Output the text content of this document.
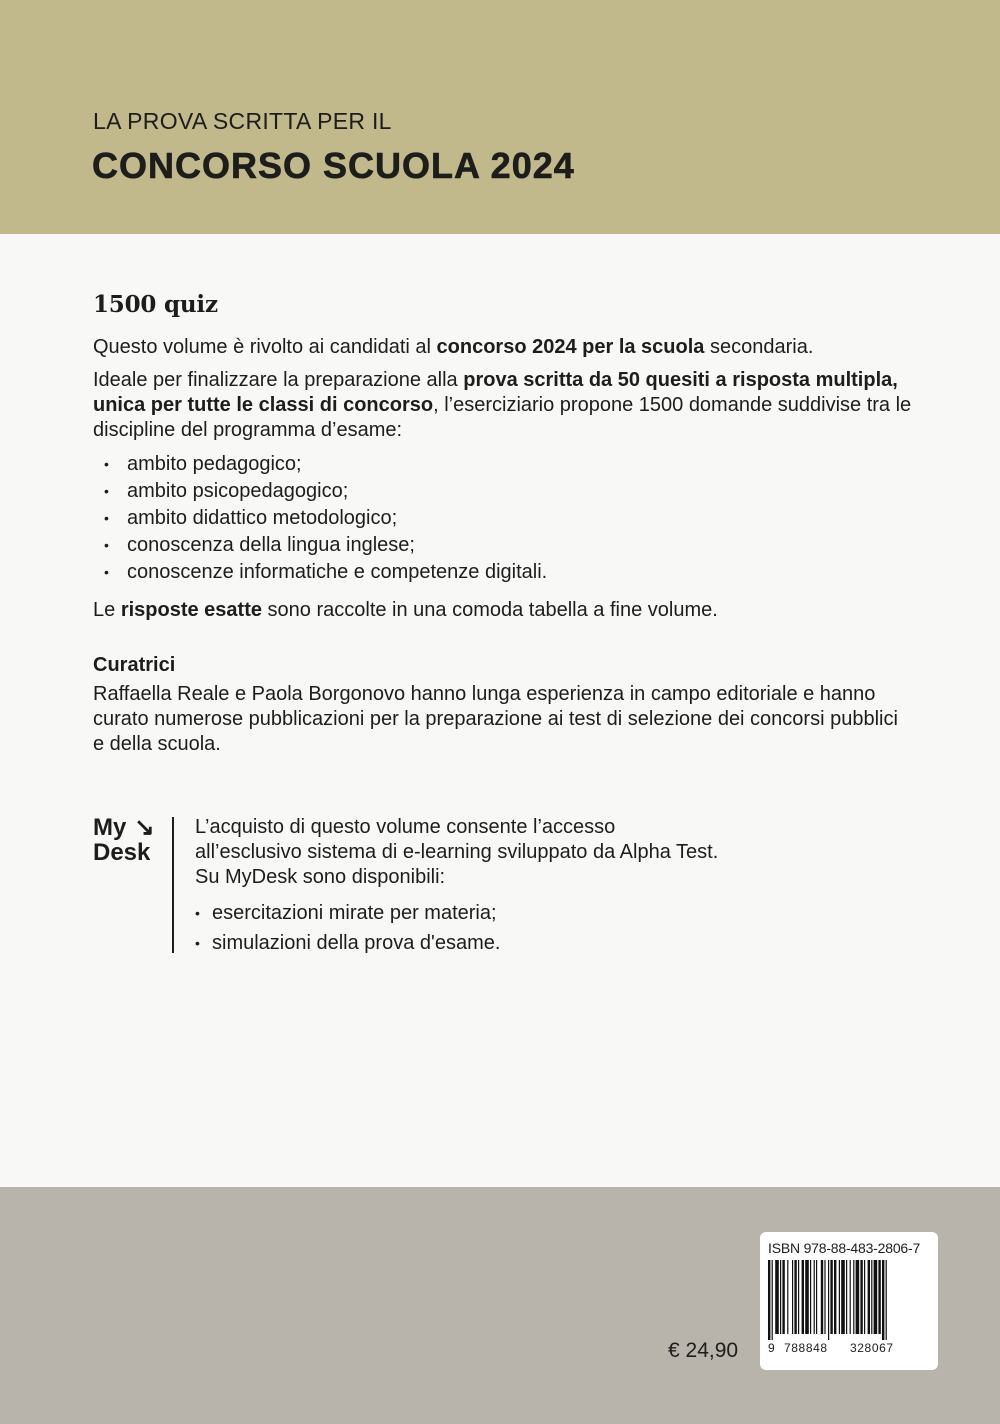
LA PROVA SCRITTA PER IL
CONCORSO SCUOLA 2024
1500 quiz

Questo volume è rivolto ai candidati al concorso 2024 per la scuola secondaria.

Ideale per finalizzare la preparazione alla prova scritta da 50 quesiti a risposta multipla, unica per tutte le classi di concorso, l’eserciziario propone 1500 domande suddivise tra le discipline del programma d’esame:

• ambito pedagogico;
• ambito psicopedagogico;
• ambito didattico metodologico;
• conoscenza della lingua inglese;
• conoscenze informatiche e competenze digitali.

Le risposte esatte sono raccolte in una comoda tabella a fine volume.

Curatrici

Raffaella Reale e Paola Borgonovo hanno lunga esperienza in campo editoriale e hanno curato numerose pubblicazioni per la preparazione ai test di selezione dei concorsi pubblici e della scuola.

My ↘
Desk
L’acquisto di questo volume consente l’accesso
all’esclusivo sistema di e-learning sviluppato da Alpha Test.
Su MyDesk sono disponibili:
• esercitazioni mirate per materia;
• simulazioni della prova d'esame.
€ 24,90
ISBN 978-88-483-2806-7
9 788848 328067
